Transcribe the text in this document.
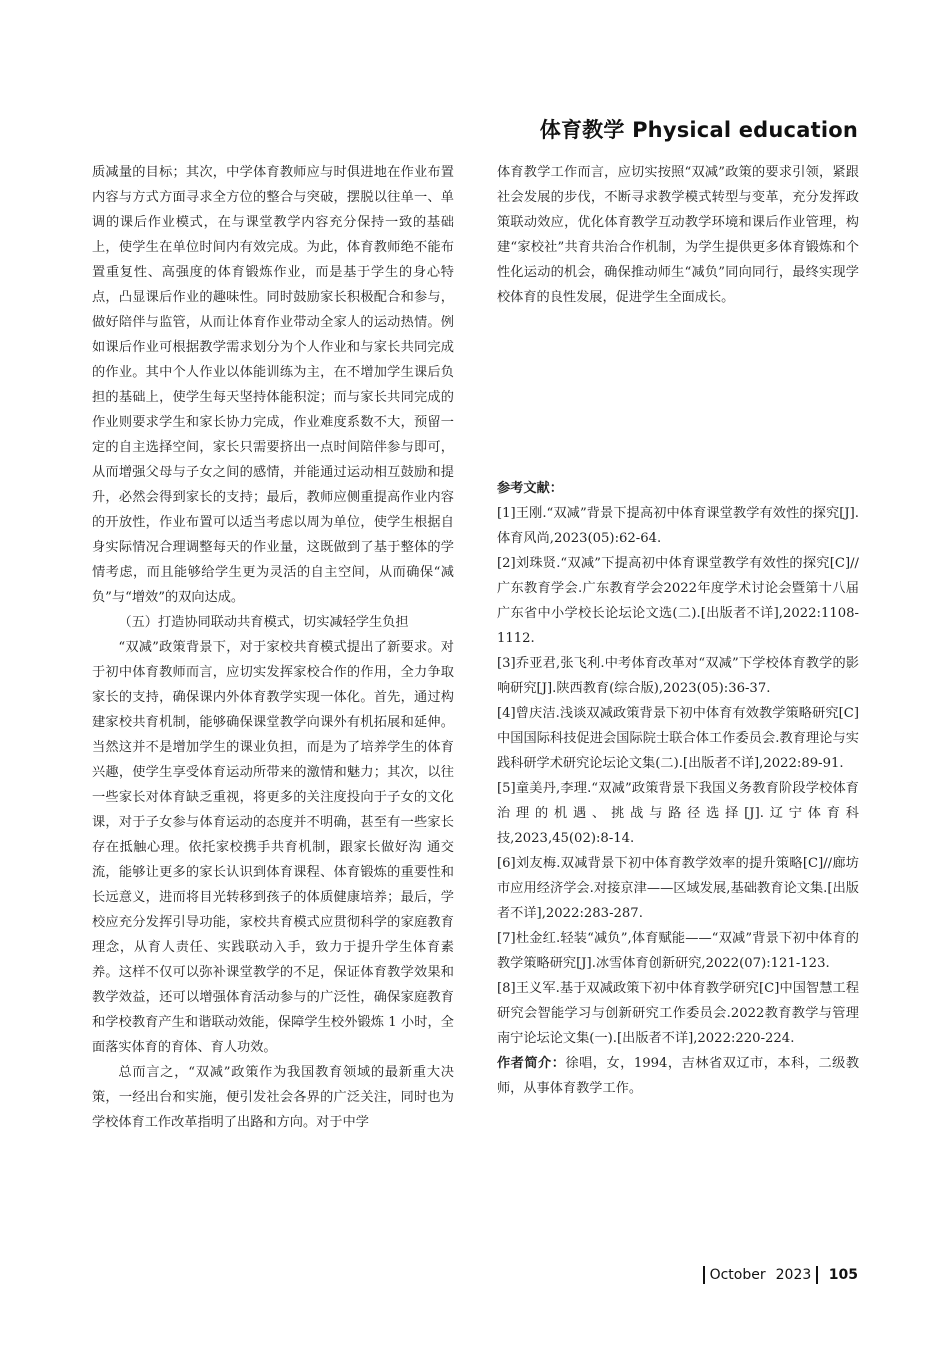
体育教学 Physical education

质减量的目标；其次，中学体育教师应与时俱进地在作业布置内容与方式方面寻求全方位的整合与突破，摆脱以往单一、单调的课后作业模式，在与课堂教学内容充分保持一致的基础上，使学生在单位时间内有效完成。为此，体育教师绝不能布置重复性、高强度的体育锻炼作业，而是基于学生的身心特点，凸显课后作业的趣味性。同时鼓励家长积极配合和参与，做好陪伴与监管，从而让体育作业带动全家人的运动热情。例如课后作业可根据教学需求划分为个人作业和与家长共同完成的作业。其中个人作业以体能训练为主，在不增加学生课后负担的基础上，使学生每天坚持体能积淀；而与家长共同完成的作业则要求学生和家长协力完成，作业难度系数不大，预留一定的自主选择空间，家长只需要挤出一点时间陪伴参与即可，从而增强父母与子女之间的感情，并能通过运动相互鼓励和提升，必然会得到家长的支持；最后，教师应侧重提高作业内容的开放性，作业布置可以适当考虑以周为单位，使学生根据自身实际情况合理调整每天的作业量，这既做到了基于整体的学情考虑，而且能够给学生更为灵活的自主空间，从而确保“减负”与“增效”的双向达成。

（五）打造协同联动共育模式，切实减轻学生负担

“双减”政策背景下，对于家校共育模式提出了新要求。对于初中体育教师而言，应切实发挥家校合作的作用，全力争取家长的支持，确保课内外体育教学实现一体化。首先，通过构建家校共育机制，能够确保课堂教学向课外有机拓展和延伸。当然这并不是增加学生的课业负担，而是为了培养学生的体育兴趣，使学生享受体育运动所带来的激情和魅力；其次，以往一些家长对体育缺乏重视，将更多的关注度投向于子女的文化课，对于子女参与体育运动的态度并不明确，甚至有一些家长存在抵触心理。依托家校携手共育机制，跟家长做好沟 通交流，能够让更多的家长认识到体育课程、体育锻炼的重要性和长远意义，进而将目光转移到孩子的体质健康培养；最后，学校应充分发挥引导功能，家校共育模式应贯彻科学的家庭教育理念，从育人责任、实践联动入手，致力于提升学生体育素养。这样不仅可以弥补课堂教学的不足，保证体育教学效果和教学效益，还可以增强体育活动参与的广泛性，确保家庭教育和学校教育产生和谐联动效能，保障学生校外锻炼 1 小时，全面落实体育的育体、育人功效。

总而言之，“双减”政策作为我国教育领域的最新重大决策，一经出台和实施，便引发社会各界的广泛关注，同时也为学校体育工作改革指明了出路和方向。对于中学

体育教学工作而言，应切实按照“双减”政策的要求引领，紧跟社会发展的步伐，不断寻求教学模式转型与变革，充分发挥政策联动效应，优化体育教学互动教学环境和课后作业管理，构建“家校社”共育共治合作机制，为学生提供更多体育锻炼和个性化运动的机会，确保推动师生“减负”同向同行，最终实现学校体育的良性发展，促进学生全面成长。

参考文献：

[1]王刚.“双减”背景下提高初中体育课堂教学有效性的探究[J].体育风尚,2023(05):62-64.

[2]刘珠贤.“双减”下提高初中体育课堂教学有效性的探究[C]//广东教育学会.广东教育学会2022年度学术讨论会暨第十八届广东省中小学校长论坛论文选(二).[出版者不详],2022:1108-1112.

[3]乔亚君,张飞利.中考体育改革对“双减”下学校体育教学的影响研究[J].陕西教育(综合版),2023(05):36-37.

[4]曾庆洁.浅谈双减政策背景下初中体育有效教学策略研究[C]中国国际科技促进会国际院士联合体工作委员会.教育理论与实践科研学术研究论坛论文集(二).[出版者不详],2022:89-91.

[5]童美丹,李理.“双减”政策背景下我国义务教育阶段学校体育治理的机遇、挑战与路径选择[J].辽宁体育科技,2023,45(02):8-14.

[6]刘友梅.双减背景下初中体育教学效率的提升策略[C]//廊坊市应用经济学会.对接京津——区域发展,基础教育论文集.[出版者不详],2022:283-287.

[7]杜金红.轻装“减负”,体育赋能——“双减”背景下初中体育的教学策略研究[J].冰雪体育创新研究,2022(07):121-123.

[8]王义军.基于双减政策下初中体育教学研究[C]中国智慧工程研究会智能学习与创新研究工作委员会.2022教育教学与管理南宁论坛论文集(一).[出版者不详],2022:220-224.

作者简介：徐唱，女，1994，吉林省双辽市，本科，二级教师，从事体育教学工作。

October 2023 105
